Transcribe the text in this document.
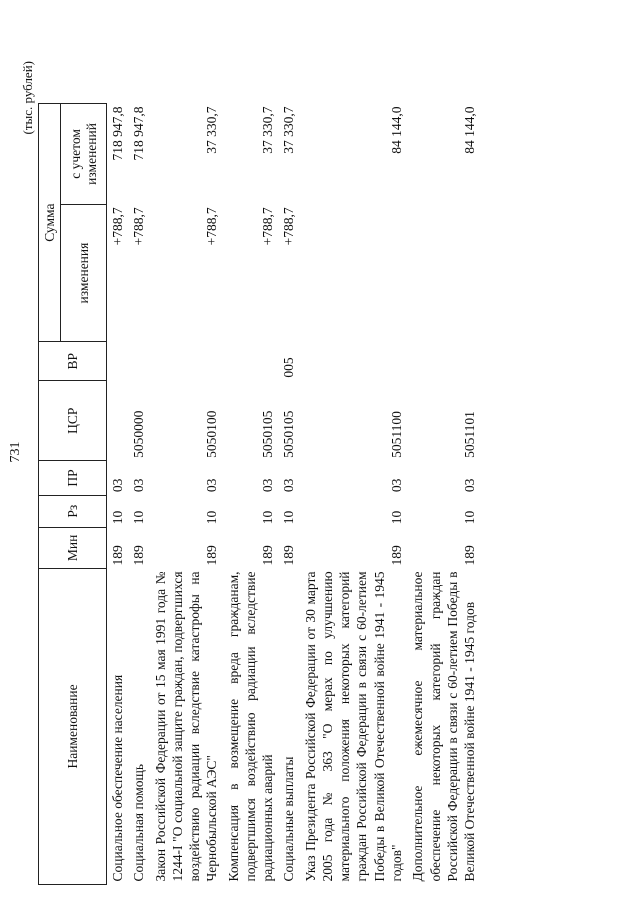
731
(тыс. рублей)
Наименование	Мин	Рз	ПР	ЦСР	ВР	Сумма	
						изменения	с учетом изменений
Социальное обеспечение населения	189	10	03			+788,7	718 947,8
Социальная помощь	189	10	03	5050000		+788,7	718 947,8
Закон Российской Федерации от 15 мая 1991 года № 1244-I "О социальной защите граждан, подвергшихся воздействию радиации вследствие катастрофы на Чернобыльской АЭС"	189	10	03	5050100		+788,7	37 330,7
Компенсация в возмещение вреда гражданам, подвергшимся воздействию радиации вследствие радиационных аварий	189	10	03	5050105		+788,7	37 330,7
Социальные выплаты	189	10	03	5050105	005	+788,7	37 330,7
Указ Президента Российской Федерации от 30 марта 2005 года № 363 "О мерах по улучшению материального положения некоторых категорий граждан Российской Федерации в связи с 60-летием Победы в Великой Отечественной войне 1941 - 1945 годов"	189	10	03	5051100			84 144,0
Дополнительное ежемесячное материальное обеспечение некоторых категорий граждан Российской Федерации в связи с 60-летием Победы в Великой Отечественной войне 1941 - 1945 годов	189	10	03	5051101			84 144,0
